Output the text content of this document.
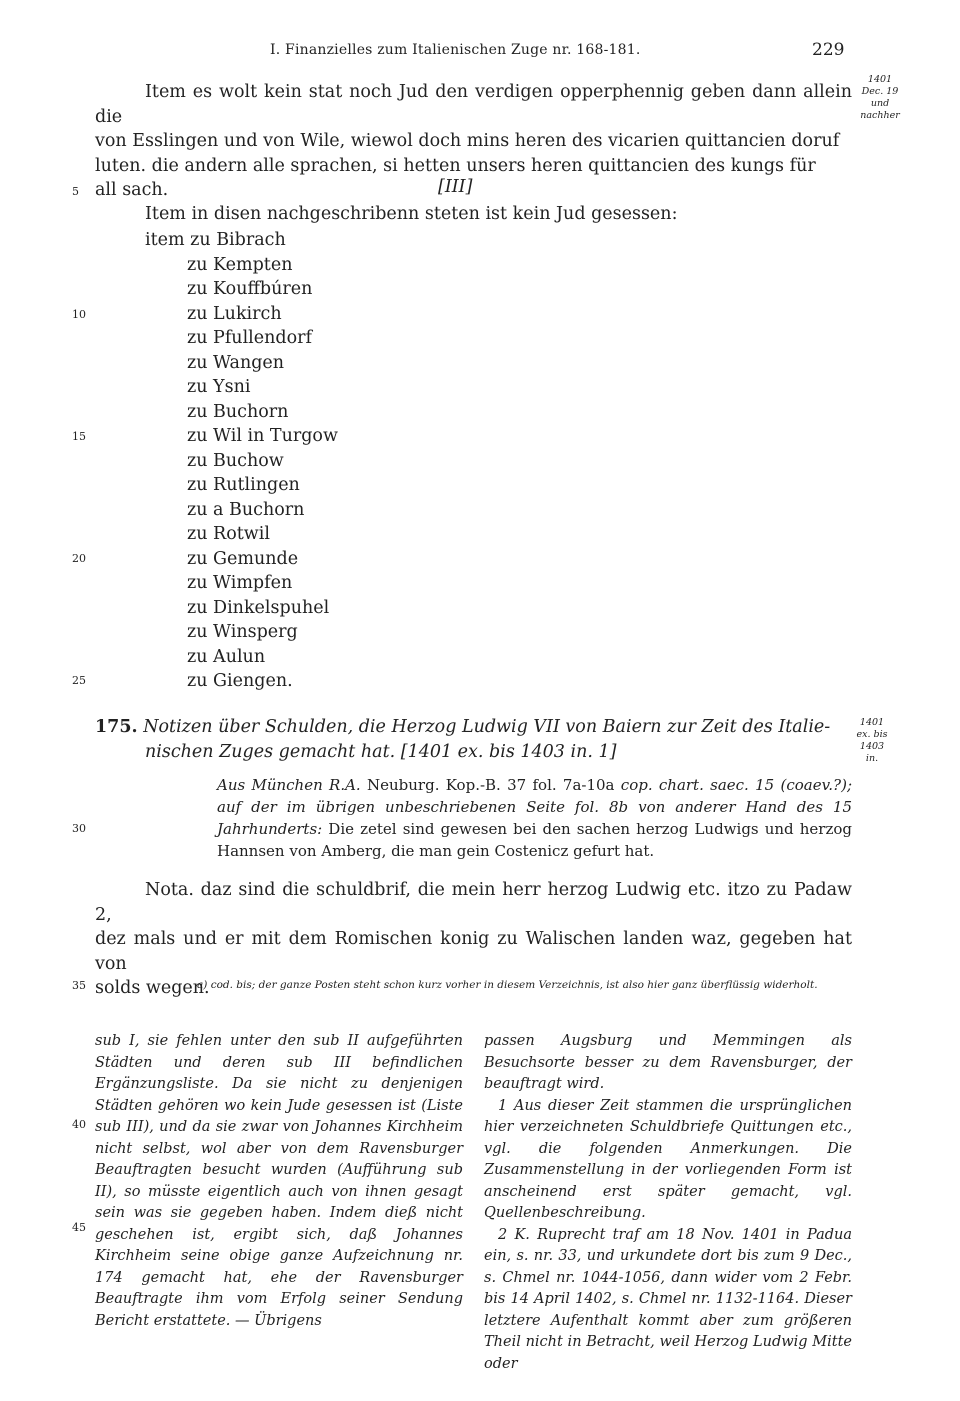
I. Finanzielles zum Italienischen Zuge nr. 168-181.	229
Item es wolt kein stat noch Jud den verdigen opperphennig geben dann allein die
von Esslingen und von Wile, wiewol doch mins heren des vicarien quittancien doruf
luten. die andern alle sprachen, si hetten unsers heren quittancien des kungs für
all sach.
1401
Dec. 19
und
nachher
5
10
15
20
25
30
35
40
45
[III]
Item in disen nachgeschribenn steten ist kein Jud gesessen:
item zu Bibrach
zu Kempten
zu Kouffbúren
zu Lukirch
zu Pfullendorf
zu Wangen
zu Ysni
zu Buchorn
zu Wil in Turgow
zu Buchow
zu Rutlingen
zu a Buchorn
zu Rotwil
zu Gemunde
zu Wimpfen
zu Dinkelspuhel
zu Winsperg
zu Aulun
zu Giengen.
175. Notizen über Schulden, die Herzog Ludwig VII von Baiern zur Zeit des Italie-
nischen Zuges gemacht hat. [1401 ex. bis 1403 in. 1]
1401
ex. bis
1403
in.
Aus München R.A. Neuburg. Kop.-B. 37 fol. 7a-10a cop. chart. saec. 15 (coaev.?); auf der im übrigen unbeschriebenen Seite fol. 8b von anderer Hand des 15 Jahrhunderts: Die zetel sind gewesen bei den sachen herzog Ludwigs und herzog Hannsen von Amberg, die man gein Costenicz gefurt hat.
Nota. daz sind die schuldbrif, die mein herr herzog Ludwig etc. itzo zu Padaw 2,
dez mals und er mit dem Romischen konig zu Walischen landen waz, gegeben hat von
solds wegen.
a) cod. bis; der ganze Posten steht schon kurz vorher in diesem Verzeichnis, ist also hier ganz überflüssig widerholt.
sub I, sie fehlen unter den sub II aufgeführten Städten und deren sub III befindlichen Ergänzungsliste. Da sie nicht zu denjenigen Städten gehören wo kein Jude gesessen ist (Liste sub III), und da sie zwar von Johannes Kirchheim nicht selbst, wol aber von dem Ravensburger Beauftragten besucht wurden (Aufführung sub II), so müsste eigentlich auch von ihnen gesagt sein was sie gegeben haben. Indem dieß nicht geschehen ist, ergibt sich, daß Johannes Kirchheim seine obige ganze Aufzeichnung nr. 174 gemacht hat, ehe der Ravensburger Beauftragte ihm vom Erfolg seiner Sendung Bericht erstattete. — Übrigens
passen Augsburg und Memmingen als Besuchsorte besser zu dem Ravensburger, der beauftragt wird.
1 Aus dieser Zeit stammen die ursprünglichen hier verzeichneten Schuldbriefe Quittungen etc., vgl. die folgenden Anmerkungen. Die Zusammenstellung in der vorliegenden Form ist anscheinend erst später gemacht, vgl. Quellenbeschreibung.
2 K. Ruprecht traf am 18 Nov. 1401 in Padua ein, s. nr. 33, und urkundete dort bis zum 9 Dec., s. Chmel nr. 1044-1056, dann wider vom 2 Febr. bis 14 April 1402, s. Chmel nr. 1132-1164. Dieser letztere Aufenthalt kommt aber zum größeren Theil nicht in Betracht, weil Herzog Ludwig Mitte oder
